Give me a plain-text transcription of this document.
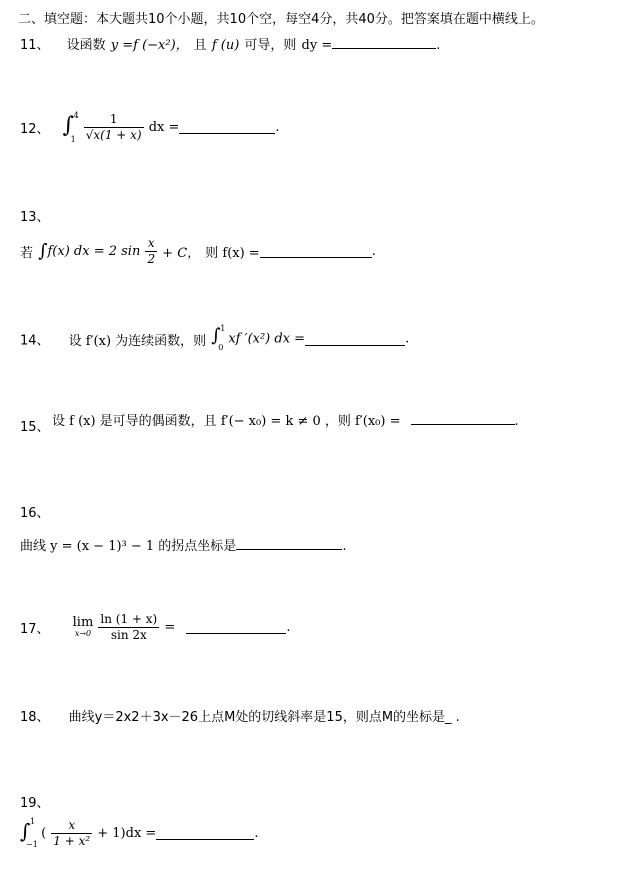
二、填空题：本大题共10个小题，共10个空，每空4分，共40分。把答案填在题中横线上。
11、 设函数 y =f (−x²)， 且 f (u) 可导，则 dy =	.
12、 ∫ 4
1
$\frac{1}{√x(1 + x)}$ dx =	.
13、
若 ∫f(x) dx = 2 $\sin \frac{x}{2} + C$， 则 f(x) =	.
14、 设 f′(x) 为连续函数，则 ∫ 1
0
xf ′(x²) dx =	.
15、 设 f (x) 是可导的偶函数，且 f′(− x₀) = k ≠ 0 ，则 f′(x₀) =	.
16、
曲线 y = (x − 1)³ − 1 的拐点坐标是	.
17、 lim
x→0
$\frac{\ln (1 + x)}{\sin 2x}$ =	.
18、 曲线y＝2x2＋3x－26上点M处的切线斜率是15，则点M的坐标是_ .
19、
∫ 1
−1
( $\frac{x}{\text{1 + x²}} + 1)dx$ =	.
